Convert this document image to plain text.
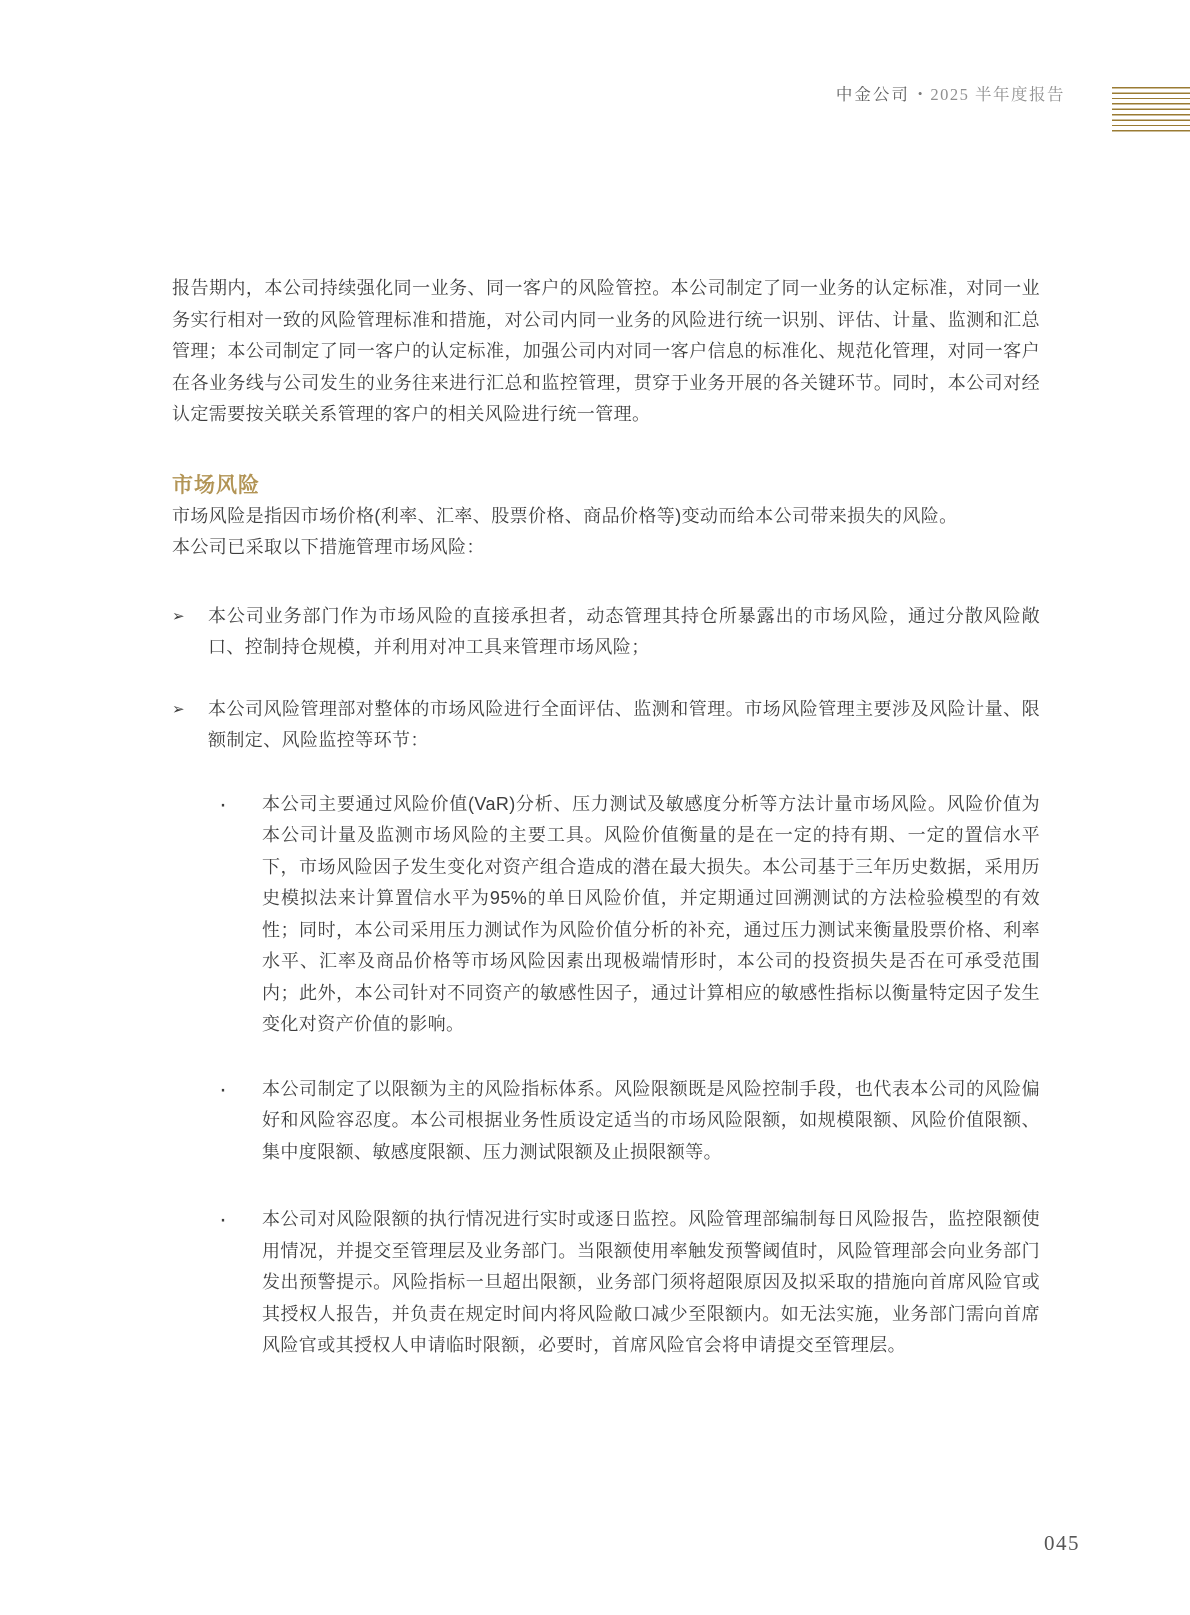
中金公司 • 2025 半年度报告

报告期内，本公司持续强化同一业务、同一客户的风险管控。本公司制定了同一业务的认定标准，对同一业务实行相对一致的风险管理标准和措施，对公司内同一业务的风险进行统一识别、评估、计量、监测和汇总管理；本公司制定了同一客户的认定标准，加强公司内对同一客户信息的标准化、规范化管理，对同一客户在各业务线与公司发生的业务往来进行汇总和监控管理，贯穿于业务开展的各关键环节。同时，本公司对经认定需要按关联关系管理的客户的相关风险进行统一管理。

市场风险

市场风险是指因市场价格(利率、汇率、股票价格、商品价格等)变动而给本公司带来损失的风险。

本公司已采取以下措施管理市场风险：

➢	本公司业务部门作为市场风险的直接承担者，动态管理其持仓所暴露出的市场风险，通过分散风险敞口、控制持仓规模，并利用对冲工具来管理市场风险；

➢	本公司风险管理部对整体的市场风险进行全面评估、监测和管理。市场风险管理主要涉及风险计量、限额制定、风险监控等环节：

·	本公司主要通过风险价值(VaR)分析、压力测试及敏感度分析等方法计量市场风险。风险价值为本公司计量及监测市场风险的主要工具。风险价值衡量的是在一定的持有期、一定的置信水平下，市场风险因子发生变化对资产组合造成的潜在最大损失。本公司基于三年历史数据，采用历史模拟法来计算置信水平为95%的单日风险价值，并定期通过回溯测试的方法检验模型的有效性；同时，本公司采用压力测试作为风险价值分析的补充，通过压力测试来衡量股票价格、利率水平、汇率及商品价格等市场风险因素出现极端情形时，本公司的投资损失是否在可承受范围内；此外，本公司针对不同资产的敏感性因子，通过计算相应的敏感性指标以衡量特定因子发生变化对资产价值的影响。

·	本公司制定了以限额为主的风险指标体系。风险限额既是风险控制手段，也代表本公司的风险偏好和风险容忍度。本公司根据业务性质设定适当的市场风险限额，如规模限额、风险价值限额、集中度限额、敏感度限额、压力测试限额及止损限额等。

·	本公司对风险限额的执行情况进行实时或逐日监控。风险管理部编制每日风险报告，监控限额使用情况，并提交至管理层及业务部门。当限额使用率触发预警阈值时，风险管理部会向业务部门发出预警提示。风险指标一旦超出限额，业务部门须将超限原因及拟采取的措施向首席风险官或其授权人报告，并负责在规定时间内将风险敞口减少至限额内。如无法实施，业务部门需向首席风险官或其授权人申请临时限额，必要时，首席风险官会将申请提交至管理层。

045
